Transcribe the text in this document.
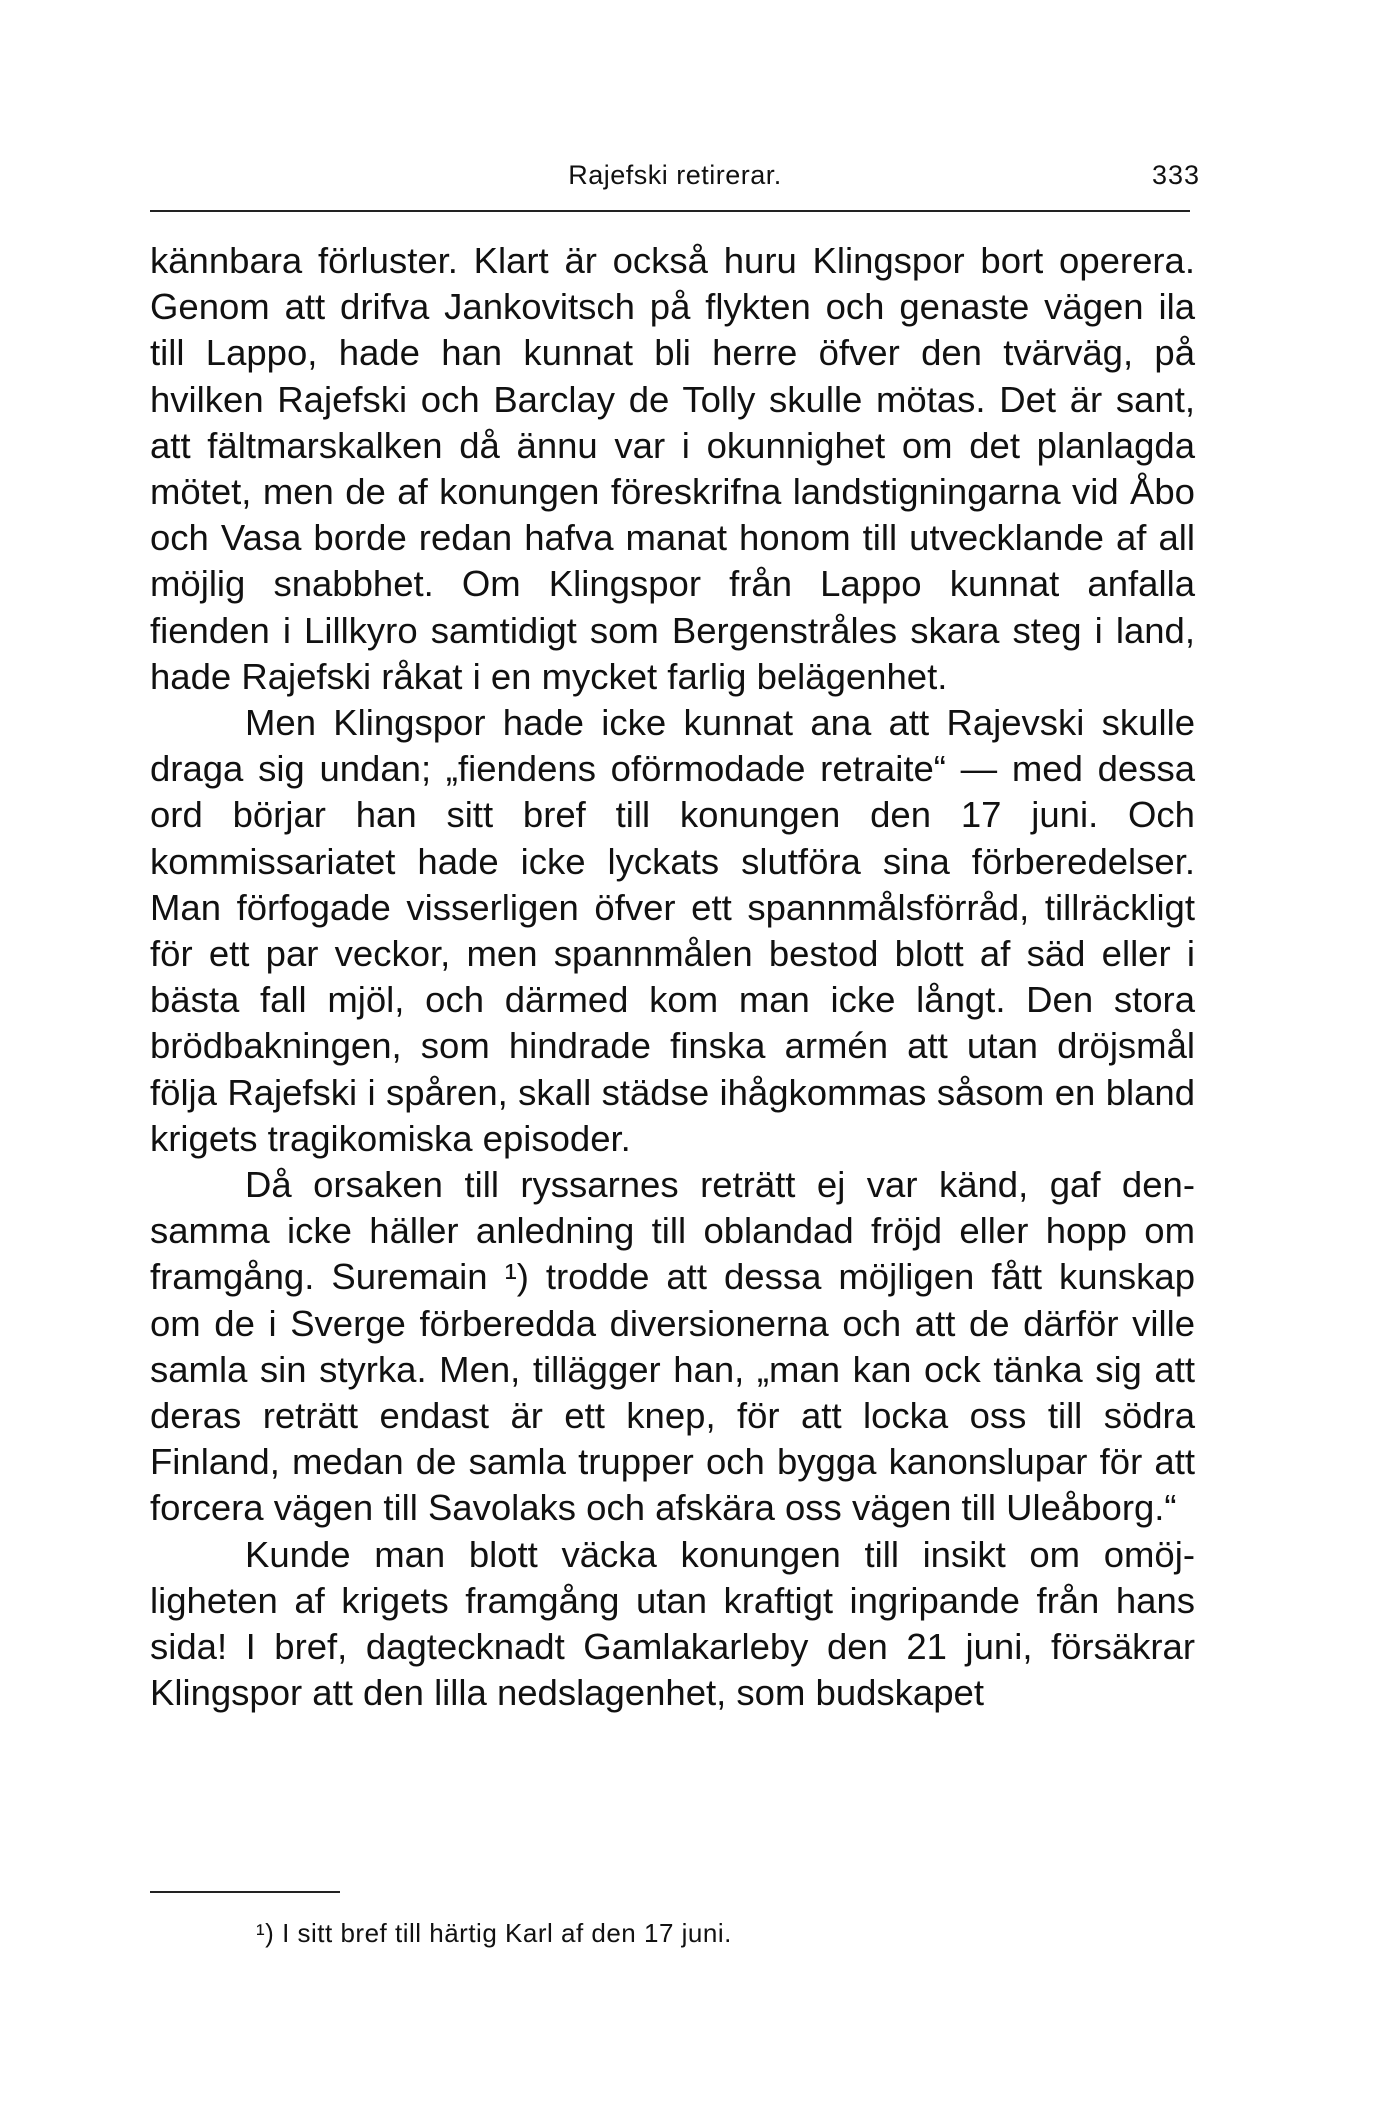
Rajefski retirerar.	333

kännbara förluster. Klart är också huru Klingspor bort operera. Genom att drifva Jankovitsch på flykten och genaste vägen ila till Lappo, hade han kunnat bli herre öfver den tvärväg, på hvilken Rajefski och Barclay de Tolly skulle mötas. Det är sant, att fältmarskalken då ännu var i okunnighet om det planlagda mötet, men de af konungen föreskrifna landstigningarna vid Åbo och Vasa borde redan hafva manat honom till utvecklande af all möjlig snabbhet. Om Klingspor från Lappo kunnat anfalla fienden i Lillkyro samtidigt som Bergenstråles skara steg i land, hade Rajefski råkat i en mycket farlig belägenhet.

Men Klingspor hade icke kunnat ana att Rajevski skulle draga sig undan; „fiendens oförmodade retraite“ — med dessa ord börjar han sitt bref till konungen den 17 juni. Och kommissariatet hade icke lyckats slutföra sina förberedelser. Man förfogade visserligen öfver ett spannmålsförråd, tillräckligt för ett par veckor, men spannmålen bestod blott af säd eller i bästa fall mjöl, och därmed kom man icke långt. Den stora brödbakningen, som hindrade finska armén att utan dröjsmål följa Rajefski i spåren, skall städse ihågkommas såsom en bland krigets tragikomiska episoder.

Då orsaken till ryssarnes reträtt ej var känd, gaf densamma icke häller anledning till oblandad fröjd eller hopp om framgång. Suremain ¹) trodde att dessa möjligen fått kunskap om de i Sverge förberedda diversionerna och att de därför ville samla sin styrka. Men, tillägger han, „man kan ock tänka sig att deras reträtt endast är ett knep, för att locka oss till södra Finland, medan de samla trupper och bygga kanonslupar för att forcera vägen till Savolaks och afskära oss vägen till Uleåborg.“

Kunde man blott väcka konungen till insikt om omöjligheten af krigets framgång utan kraftigt ingripande från hans sida! I bref, dagtecknadt Gamlakarleby den 21 juni, försäkrar Klingspor att den lilla nedslagenhet, som budskapet

¹) I sitt bref till härtig Karl af den 17 juni.
